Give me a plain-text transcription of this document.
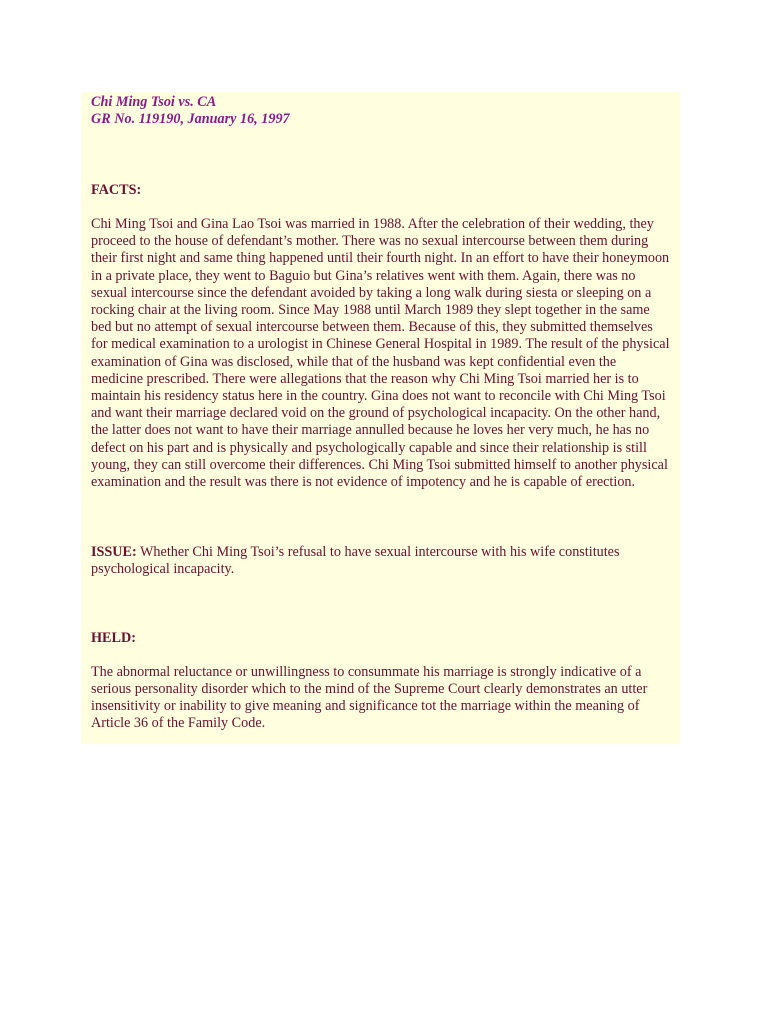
Chi Ming Tsoi vs. CA

GR No. 119190, January 16, 1997

FACTS:

Chi Ming Tsoi and Gina Lao Tsoi was married in 1988. After the celebration of their wedding, they proceed to the house of defendant’s mother. There was no sexual intercourse between them during their first night and same thing happened until their fourth night. In an effort to have their honeymoon in a private place, they went to Baguio but Gina’s relatives went with them. Again, there was no sexual intercourse since the defendant avoided by taking a long walk during siesta or sleeping on a rocking chair at the living room. Since May 1988 until March 1989 they slept together in the same bed but no attempt of sexual intercourse between them. Because of this, they submitted themselves for medical examination to a urologist in Chinese General Hospital in 1989. The result of the physical examination of Gina was disclosed, while that of the husband was kept confidential even the medicine prescribed. There were allegations that the reason why Chi Ming Tsoi married her is to maintain his residency status here in the country. Gina does not want to reconcile with Chi Ming Tsoi and want their marriage declared void on the ground of psychological incapacity. On the other hand, the latter does not want to have their marriage annulled because he loves her very much, he has no defect on his part and is physically and psychologically capable and since their relationship is still young, they can still overcome their differences. Chi Ming Tsoi submitted himself to another physical examination and the result was there is not evidence of impotency and he is capable of erection.

ISSUE: Whether Chi Ming Tsoi’s refusal to have sexual intercourse with his wife constitutes psychological incapacity.

HELD:

The abnormal reluctance or unwillingness to consummate his marriage is strongly indicative of a serious personality disorder which to the mind of the Supreme Court clearly demonstrates an utter insensitivity or inability to give meaning and significance tot the marriage within the meaning of Article 36 of the Family Code.
